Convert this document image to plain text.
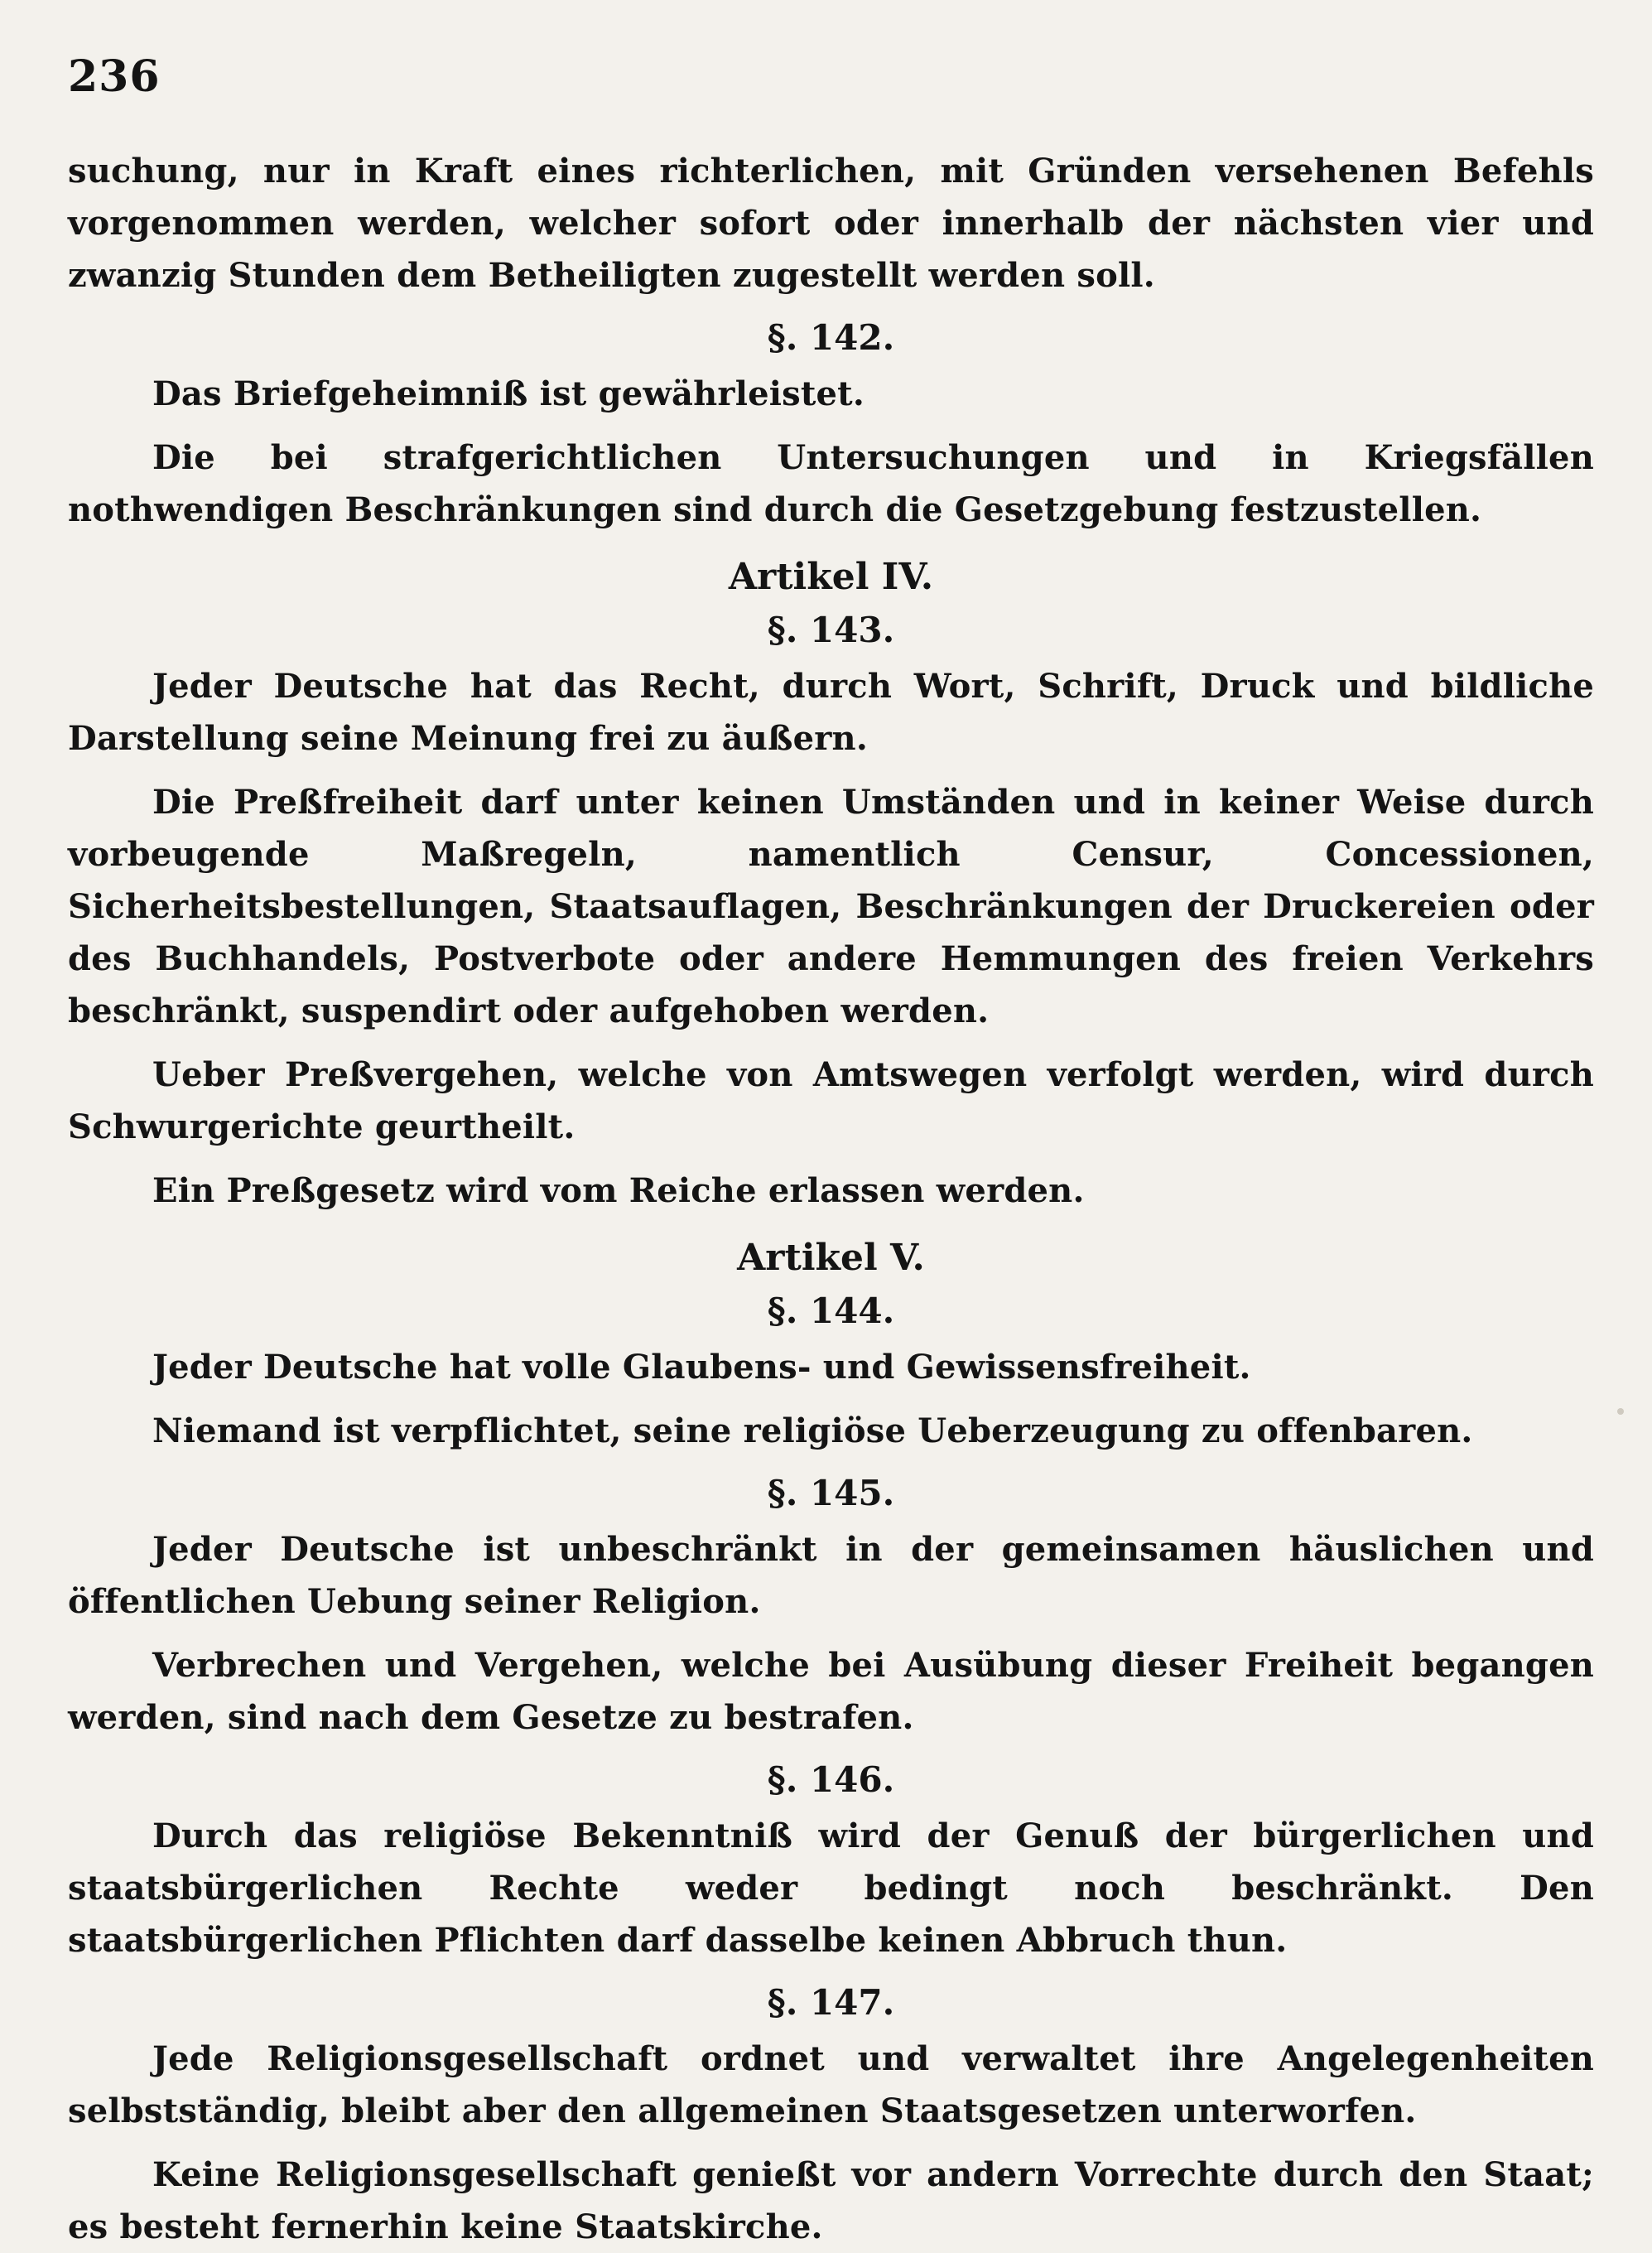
236

suchung, nur in Kraft eines richterlichen, mit Gründen versehenen Befehls vorgenommen werden, welcher sofort oder innerhalb der nächsten vier und zwanzig Stunden dem Betheiligten zugestellt werden soll.

§. 142.

Das Briefgeheimniß ist gewährleistet.

Die bei strafgerichtlichen Untersuchungen und in Kriegsfällen nothwendigen Beschränkungen sind durch die Gesetzgebung festzustellen.

Artikel IV.
§. 143.

Jeder Deutsche hat das Recht, durch Wort, Schrift, Druck und bildliche Darstellung seine Meinung frei zu äußern.

Die Preßfreiheit darf unter keinen Umständen und in keiner Weise durch vorbeugende Maßregeln, namentlich Censur, Concessionen, Sicherheitsbestellungen, Staatsauflagen, Beschränkungen der Druckereien oder des Buchhandels, Postverbote oder andere Hemmungen des freien Verkehrs beschränkt, suspendirt oder aufgehoben werden.

Ueber Preßvergehen, welche von Amtswegen verfolgt werden, wird durch Schwurgerichte geurtheilt.

Ein Preßgesetz wird vom Reiche erlassen werden.

Artikel V.
§. 144.

Jeder Deutsche hat volle Glaubens- und Gewissensfreiheit.

Niemand ist verpflichtet, seine religiöse Ueberzeugung zu offenbaren.

§. 145.

Jeder Deutsche ist unbeschränkt in der gemeinsamen häuslichen und öffentlichen Uebung seiner Religion.

Verbrechen und Vergehen, welche bei Ausübung dieser Freiheit begangen werden, sind nach dem Gesetze zu bestrafen.

§. 146.

Durch das religiöse Bekenntniß wird der Genuß der bürgerlichen und staatsbürgerlichen Rechte weder bedingt noch beschränkt. Den staatsbürgerlichen Pflichten darf dasselbe keinen Abbruch thun.

§. 147.

Jede Religionsgesellschaft ordnet und verwaltet ihre Angelegenheiten selbstständig, bleibt aber den allgemeinen Staatsgesetzen unterworfen.

Keine Religionsgesellschaft genießt vor andern Vorrechte durch den Staat; es besteht fernerhin keine Staatskirche.
